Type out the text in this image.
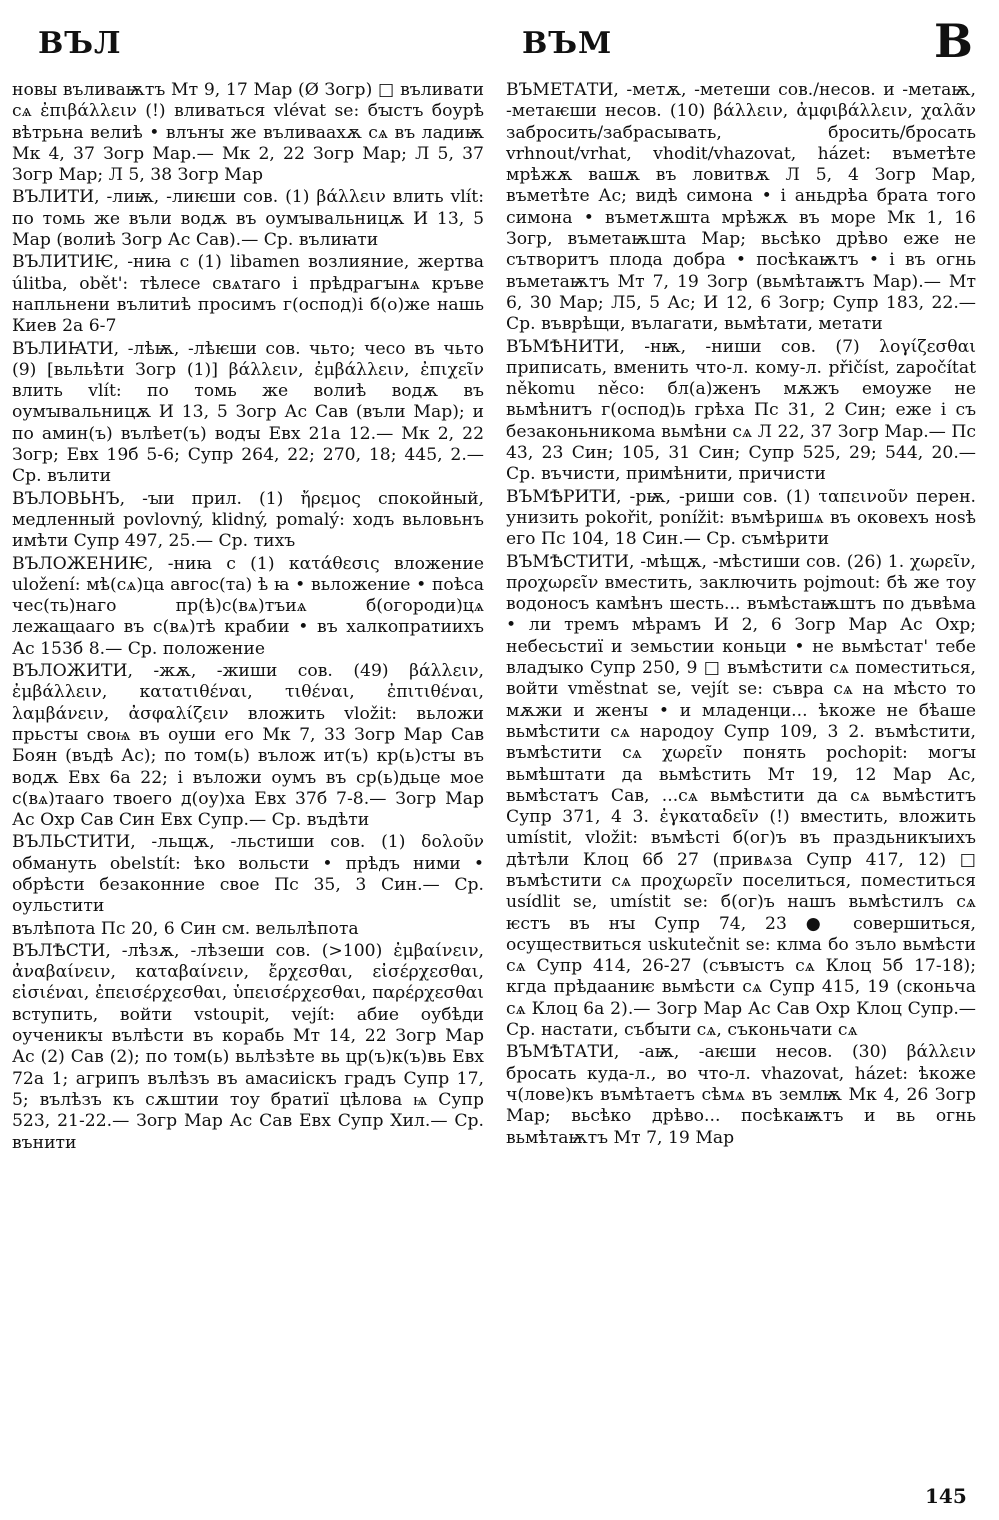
ВЪЛ	ВЪМ	В

новы въливаѭтъ Мт 9, 17 Мар (Ø Зогр) □ въливати сѧ ἐπιβάλλειν (!) вливаться vlévat se: бꙑстъ боурѣ вѣтрьна велиѣ • влънꙑ же въливаахѫ сѧ въ ладиѭ Мк 4, 37 Зогр Мар.— Мк 2, 22 Зогр Мар; Л 5, 37 Зогр Мар; Л 5, 38 Зогр Мар

ВЪЛИТИ, -лиѭ, -лиѥши сов. (1) βάλλειν влить vlít: по томь же въли водѫ въ оумꙑвальницѫ И 13, 5 Мар (волиѣ Зогр Ас Сав).— Ср. вълиꙗти

ВЪЛИТИѤ, -ниꙗ с (1) libamen возлияние, жертва úlitba, obět': тѣлесе свѧтаго і прѣдрагꙑнѧ кръве напльнени вълитиѣ просимъ г(оспод)і б(о)же нашь Киев 2а 6-7

ВЪЛИꙖТИ, -лѣѭ, -лѣѥши сов. чьто; чесо въ чьто (9) [вьльѣти Зогр (1)] βάλλειν, ἐμβάλλειν, ἐπιχεῖν влить vlít: по томь же волиѣ водѫ въ оумꙑвальницѫ И 13, 5 Зогр Ас Сав (въли Мар); и по амин(ъ) вълѣет(ъ) водꙑ Евх 21а 12.— Мк 2, 22 Зогр; Евх 19б 5-6; Супр 264, 22; 270, 18; 445, 2.— Ср. вълити

ВЪЛОВЬНЪ, -ꙑи прил. (1) ἤρεμος спокойный, медленный povlovný, klidný, pomalý: ходъ вьловьнъ имѣти Супр 497, 25.— Ср. тихъ

ВЪЛОЖЕНИѤ, -ниꙗ с (1) κατάθεσις вложение uložení: мѣ(сѧ)ца авгос(та) ѣ ꙗ • вьложение • поѣса чес(ть)наго пр(ѣ)с(вѧ)тъиѧ б(огороди)цѧ лежащааго въ с(вѧ)тѣ крабии • въ халкопратиихъ Ас 153б 8.— Ср. положение

ВЪЛОЖИТИ, -жѫ, -жиши сов. (49) βάλλειν, ἐμβάλλειν, κατατιθέναι, τιθέναι, ἐπιτιθέναι, λαμβάνειν, ἀσφαλίζειν вложить vložit: вьложи прьстꙑ своѩ въ оуши его Мк 7, 33 Зогр Мар Сав Боян (въдѣ Ас); по том(ь) вълож ит(ъ) кр(ь)стꙑ въ водѫ Евх 6а 22; і въложи оумъ въ ср(ь)дьце мое с(вѧ)тааго твоего д(оу)ха Евх 37б 7-8.— Зогр Мар Ас Охр Сав Син Евх Супр.— Ср. въдѣти

ВЪЛЬСТИТИ, -льщѫ, -льстиши сов. (1) δολοῦν обмануть obelstít: ѣко вольсти • прѣдъ ними • обрѣсти безаконние свое Пс 35, 3 Син.— Ср. оульстити

вълѣпота Пс 20, 6 Син см. вельлѣпота

ВЪЛѢСТИ, -лѣзѫ, -лѣзеши сов. (>100) ἐμβαίνειν, ἀναβαίνειν, καταβαίνειν, ἔρχεσθαι, εἰσέρχεσθαι, εἰσιέναι, ἐπεισέρχεσθαι, ὑπεισέρχεσθαι, παρέρχεσθαι вступить, войти vstoupit, vejít: абие оубѣди оученикꙑ вълѣсти въ корабь Мт 14, 22 Зогр Мар Ас (2) Сав (2); по том(ь) вьлѣзѣте вь цр(ъ)к(ъ)вь Евх 72а 1; агрипъ вълѣзъ въ амасиiскъ градъ Супр 17, 5; вълѣзъ къ сѫштии тоу братиї цѣлова ѩ Супр 523, 21-22.— Зогр Мар Ас Сав Евх Супр Хил.— Ср. вънити

ВЪМЕТАТИ, -метѫ, -метеши сов./несов. и -метаѭ, -метаѥши несов. (10) βάλλειν, ἀμφιβάλλειν, χαλᾶν забросить/забрасывать, бросить/бросать vrhnout/vrhat, vhodit/vhazovat, házet: въметѣте мрѣжѫ вашѫ въ ловитвѫ Л 5, 4 Зогр Мар, въметѣте Ас; видѣ симона • і аньдрѣа брата того симона • въметѫшта мрѣжѫ въ море Мк 1, 16 Зогр, въметаѭшта Мар; вьсѣко дрѣво еже не сътворитъ плода добра • посѣкаѭтъ • і въ огнь въметаѭтъ Мт 7, 19 Зогр (вьмѣтаѭтъ Мар).— Мт 6, 30 Мар; Л5, 5 Ас; И 12, 6 Зогр; Супр 183, 22.— Ср. въврѣщи, вълагати, вьмѣтати, метати

ВЪМѢНИТИ, -нѭ, -ниши сов. (7) λογίζεσθαι приписать, вменить что-л. кому-л. přičíst, započítat někomu něco: бл(а)женъ мѫжъ емоуже не вьмѣнитъ г(оспод)ь грѣха Пс 31, 2 Син; еже і съ безаконьникома вьмѣни сѧ Л 22, 37 Зогр Мар.— Пс 43, 23 Син; 105, 31 Син; Супр 525, 29; 544, 20.— Ср. въчисти, примѣнити, причисти

ВЪМѢРИТИ, -рѭ, -риши сов. (1) ταπεινοῦν перен. унизить pokořit, ponížit: въмѣришѧ въ оковехъ ноѕѣ его Пс 104, 18 Син.— Ср. съмѣрити

ВЪМѢСТИТИ, -мѣщѫ, -мѣстиши сов. (26) 1. χωρεῖν, προχωρεῖν вместить, заключить pojmout: бѣ же тоу водоносъ камѣнъ шесть... въмѣстаѭштъ по дъвѣма • ли тремъ мѣрамъ И 2, 6 Зогр Мар Ас Охр; небесьстиї и земьстии коньци • не вьмѣстат' тебе владꙑко Супр 250, 9 □ въмѣстити сѧ поместиться, войти vměstnat se, vejít se: съвра сѧ на мѣсто то мѫжи и женꙑ • и младенци... ѣкоже не бѣаше вьмѣстити сѧ народоу Супр 109, 3 2. въмѣстити, въмѣстити сѧ χωρεῖν понять pochopit: могꙑ вьмѣштати да вьмѣстить Мт 19, 12 Мар Ас, вьмѣстатъ Сав, ...сѧ вьмѣстити да сѧ вьмѣститъ Супр 371, 4 3. ἐγκαταδεῖν (!) вместить, вложить umístit, vložit: въмѣсті б(ог)ъ въ праздьникꙑихъ дѣтѣли Клоц 6б 27 (привѧза Супр 417, 12) □ въмѣстити сѧ προχωρεῖν поселиться, поместиться usídlit se, umístit se: б(ог)ъ нашъ вьмѣстилъ сѧ ѥстъ въ нꙑ Супр 74, 23 ● совершиться, осуществиться uskutečnit se: клма бо зъло вьмѣсти сѧ Супр 414, 26-27 (съвꙑстъ сѧ Клоц 5б 17-18); кгда прѣдааниѥ вьмѣсти сѧ Супр 415, 19 (сконьча сѧ Клоц 6а 2).— Зогр Мар Ас Сав Охр Клоц Супр.— Ср. настати, събꙑти сѧ, съконьчати сѧ

ВЪМѢТАТИ, -аѭ, -аѥши несов. (30) βάλλειν бросать куда-л., во что-л. vhazovat, házet: ѣкоже ч(лове)къ въмѣтаетъ сѣмѧ въ землѭ Мк 4, 26 Зогр Мар; вьсѣко дрѣво... посѣкаѭтъ и вь огнь вьмѣтаѭтъ Мт 7, 19 Мар

145
